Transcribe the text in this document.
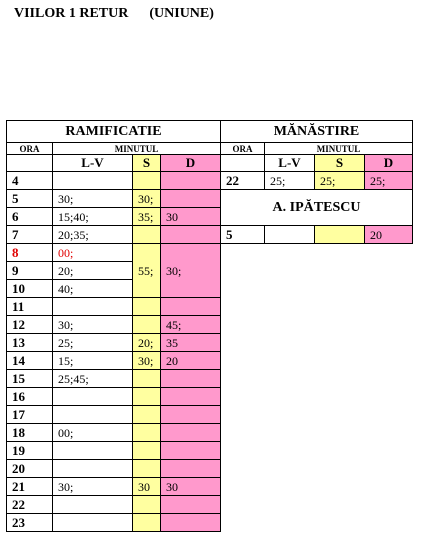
VIILOR 1 RETUR (UNIUNE)
RAMIFICATIE				MĂNĂSTIRE			
ORA	MINUTUL			ORA	MINUTUL		
	L-V	S	D		L-V	S	D
4				22	25;	25;	25;
5	30;	30;		A. IPĂTESCU			
6	15;40;	35;	30				
7	20;35;			5			20
8	00;	55;	30;				
9	20;						
10	40;						
11							
12	30;		45;				
13	25;	20;	35				
14	15;	30;	20				
15	25;45;						
16							
17							
18	00;						
19							
20							
21	30;	30	30				
22							
23							
